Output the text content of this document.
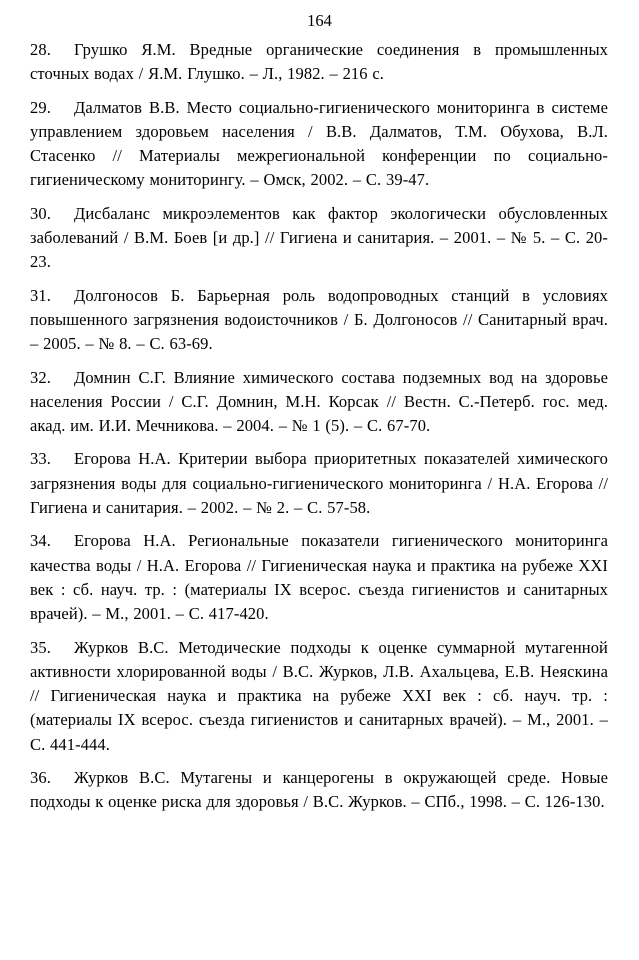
164
28. Грушко Я.М. Вредные органические соединения в промышленных сточных водах / Я.М. Глушко. – Л., 1982. – 216 с.
29. Далматов В.В. Место социально-гигиенического мониторинга в системе управлением здоровьем населения / В.В. Далматов, Т.М. Обухова, В.Л. Стасенко // Материалы межрегиональной конференции по социально-гигиеническому мониторингу. – Омск, 2002. – С. 39-47.
30. Дисбаланс микроэлементов как фактор экологически обусловленных заболеваний / В.М. Боев [и др.] // Гигиена и санитария. – 2001. – № 5. – С. 20-23.
31. Долгоносов Б. Барьерная роль водопроводных станций в условиях повышенного загрязнения водоисточников / Б. Долгоносов // Санитарный врач. – 2005. – № 8. – С. 63-69.
32. Домнин С.Г. Влияние химического состава подземных вод на здоровье населения России / С.Г. Домнин, М.Н. Корсак // Вестн. С.-Петерб. гос. мед. акад. им. И.И. Мечникова. – 2004. – № 1 (5). – С. 67-70.
33. Егорова Н.А. Критерии выбора приоритетных показателей химического загрязнения воды для социально-гигиенического мониторинга / Н.А. Егорова // Гигиена и санитария. – 2002. – № 2. – С. 57-58.
34. Егорова Н.А. Региональные показатели гигиенического мониторинга качества воды / Н.А. Егорова // Гигиеническая наука и практика на рубеже XXI век : сб. науч. тр. : (материалы IX всерос. съезда гигиенистов и санитарных врачей). – М., 2001. – С. 417-420.
35. Журков В.С. Методические подходы к оценке суммарной мутагенной активности хлорированной воды / В.С. Журков, Л.В. Ахальцева, Е.В. Неяскина // Гигиеническая наука и практика на рубеже XXI век : сб. науч. тр. : (материалы IX всерос. съезда гигиенистов и санитарных врачей). – М., 2001. – С. 441-444.
36. Журков В.С. Мутагены и канцерогены в окружающей среде. Новые подходы к оценке риска для здоровья / В.С. Журков. – СПб., 1998. – С. 126-130.
